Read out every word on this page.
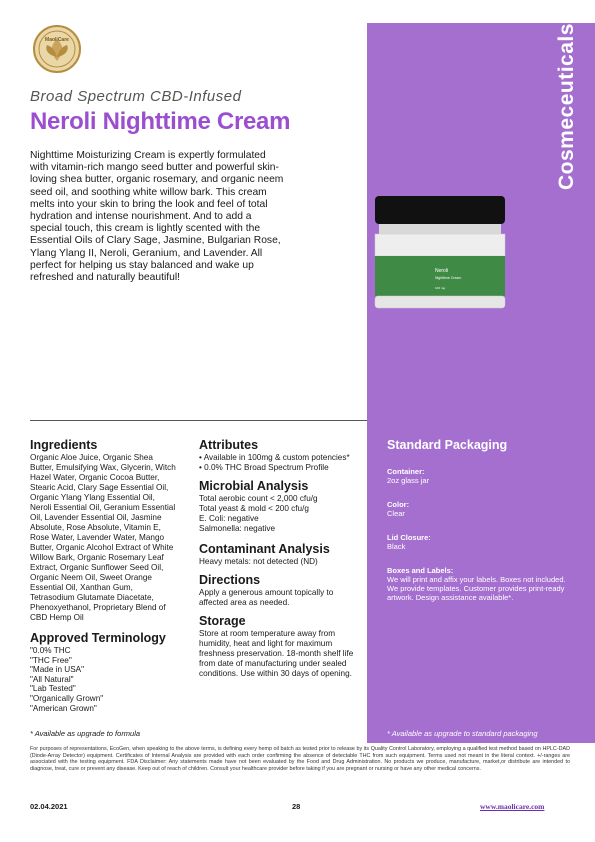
Cosmeceuticals
MaoliCare
Broad Spectrum CBD-Infused
Neroli Nighttime Cream
Nighttime Moisturizing Cream is expertly formulated with vitamin-rich mango seed butter and powerful skin-loving shea butter, organic rosemary, and organic neem seed oil, and soothing white willow bark. This cream melts into your skin to bring the look and feel of total hydration and intense nourishment. And to add a special touch, this cream is lightly scented with the Essential Oils of Clary Sage, Jasmine, Bulgarian Rose, Ylang Ylang II, Neroli, Geranium, and Lavender. All perfect for helping us stay balanced and wake up refreshed and naturally beautiful!
Neroli
Nighttime Cream
100 mg
Ingredients
Organic Aloe Juice, Organic Shea Butter, Emulsifying Wax, Glycerin, Witch Hazel Water, Organic Cocoa Butter, Stearic Acid, Clary Sage Essential Oil, Organic Ylang Ylang Essential Oil, Neroli Essential Oil, Geranium Essential Oil, Lavender Essential Oil, Jasmine Absolute, Rose Absolute, Vitamin E, Rose Water, Lavender Water, Mango Butter, Organic Alcohol Extract of White Willow Bark, Organic Rosemary Leaf Extract, Organic Sunflower Seed Oil, Organic Neem Oil, Sweet Orange Essential Oil, Xanthan Gum, Tetrasodium Glutamate Diacetate, Phenoxyethanol, Proprietary Blend of CBD Hemp Oil
Approved Terminology
"0.0% THC
"THC Free"
"Made in USA"
"All Natural"
"Lab Tested"
"Organically Grown"
"American Grown"
Attributes
• Available in 100mg & custom potencies*
• 0.0% THC Broad Spectrum Profile
Microbial Analysis
Total aerobic count < 2,000 cfu/g
Total yeast & mold < 200 cfu/g
E. Coli: negative
Salmonella: negative
Contaminant Analysis
Heavy metals: not detected (ND)
Directions
Apply a generous amount topically to affected area as needed.
Storage
Store at room temperature away from humidity, heat and light for maximum freshness preservation. 18-month shelf life from date of manufacturing under sealed conditions. Use within 30 days of opening.
Standard Packaging
Container:
2oz glass jar
Color:
Clear
Lid Closure:
Black
Boxes and Labels:
We will print and affix your labels. Boxes not included. We provide templates. Customer provides print-ready artwork. Design assistance available*.
* Available as upgrade to formula	* Available as upgrade to standard packaging
For purposes of representations, EcoGen, when speaking to the above terms, is defining every hemp oil batch as tested prior to release by its Quality Control Laboratory, employing a qualified test method based on HPLC-DAD (Diode-Array Detector) equipment. Certificates of Internal Analysis are provided with each order confirming the absence of detectable THC from such equipment. Terms used not meant in the literal context. +/-ranges are associated with the testing equipment. FDA Disclaimer: Any statements made have not been evaluated by the Food and Drug Administration. No products we produce, manufacture, market,or distribute are intended to diagnose, treat, cure or prevent any disease. Keep out of reach of children. Consult your healthcare provider before taking if you are pregnant or nursing or have any other medical concerns.
02.04.2021	28	www.maolicare.com
